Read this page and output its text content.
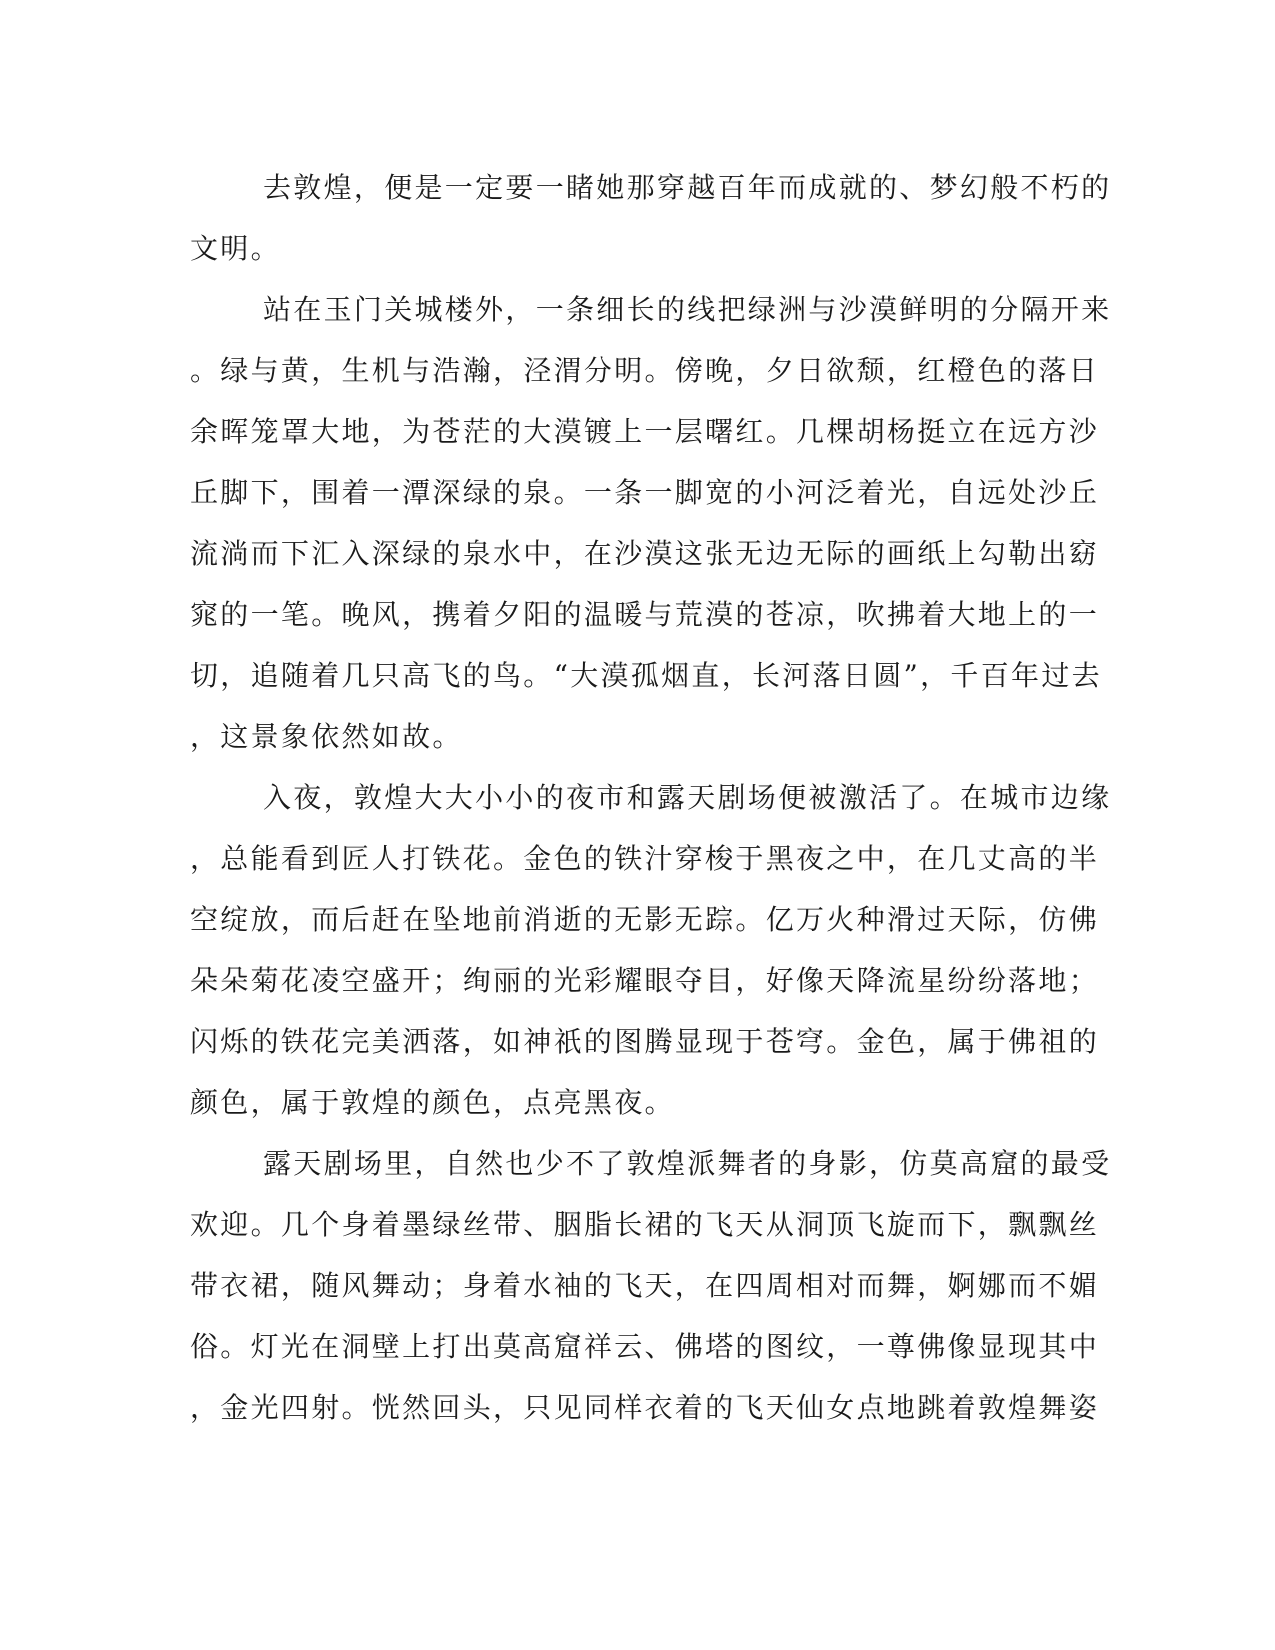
去敦煌，便是一定要一睹她那穿越百年而成就的、梦幻般不朽的
文明。
站在玉门关城楼外，一条细长的线把绿洲与沙漠鲜明的分隔开来
。绿与黄，生机与浩瀚，泾渭分明。傍晚，夕日欲颓，红橙色的落日
余晖笼罩大地，为苍茫的大漠镀上一层曙红。几棵胡杨挺立在远方沙
丘脚下，围着一潭深绿的泉。一条一脚宽的小河泛着光，自远处沙丘
流淌而下汇入深绿的泉水中，在沙漠这张无边无际的画纸上勾勒出窈
窕的一笔。晚风，携着夕阳的温暖与荒漠的苍凉，吹拂着大地上的一
切，追随着几只高飞的鸟。“大漠孤烟直，长河落日圆”，千百年过去
，这景象依然如故。
入夜，敦煌大大小小的夜市和露天剧场便被激活了。在城市边缘
，总能看到匠人打铁花。金色的铁汁穿梭于黑夜之中，在几丈高的半
空绽放，而后赶在坠地前消逝的无影无踪。亿万火种滑过天际，仿佛
朵朵菊花凌空盛开；绚丽的光彩耀眼夺目，好像天降流星纷纷落地；
闪烁的铁花完美洒落，如神祇的图腾显现于苍穹。金色，属于佛祖的
颜色，属于敦煌的颜色，点亮黑夜。
露天剧场里，自然也少不了敦煌派舞者的身影，仿莫高窟的最受
欢迎。几个身着墨绿丝带、胭脂长裙的飞天从洞顶飞旋而下，飘飘丝
带衣裙，随风舞动；身着水袖的飞天，在四周相对而舞，婀娜而不媚
俗。灯光在洞壁上打出莫高窟祥云、佛塔的图纹，一尊佛像显现其中
，金光四射。恍然回头，只见同样衣着的飞天仙女点地跳着敦煌舞姿
